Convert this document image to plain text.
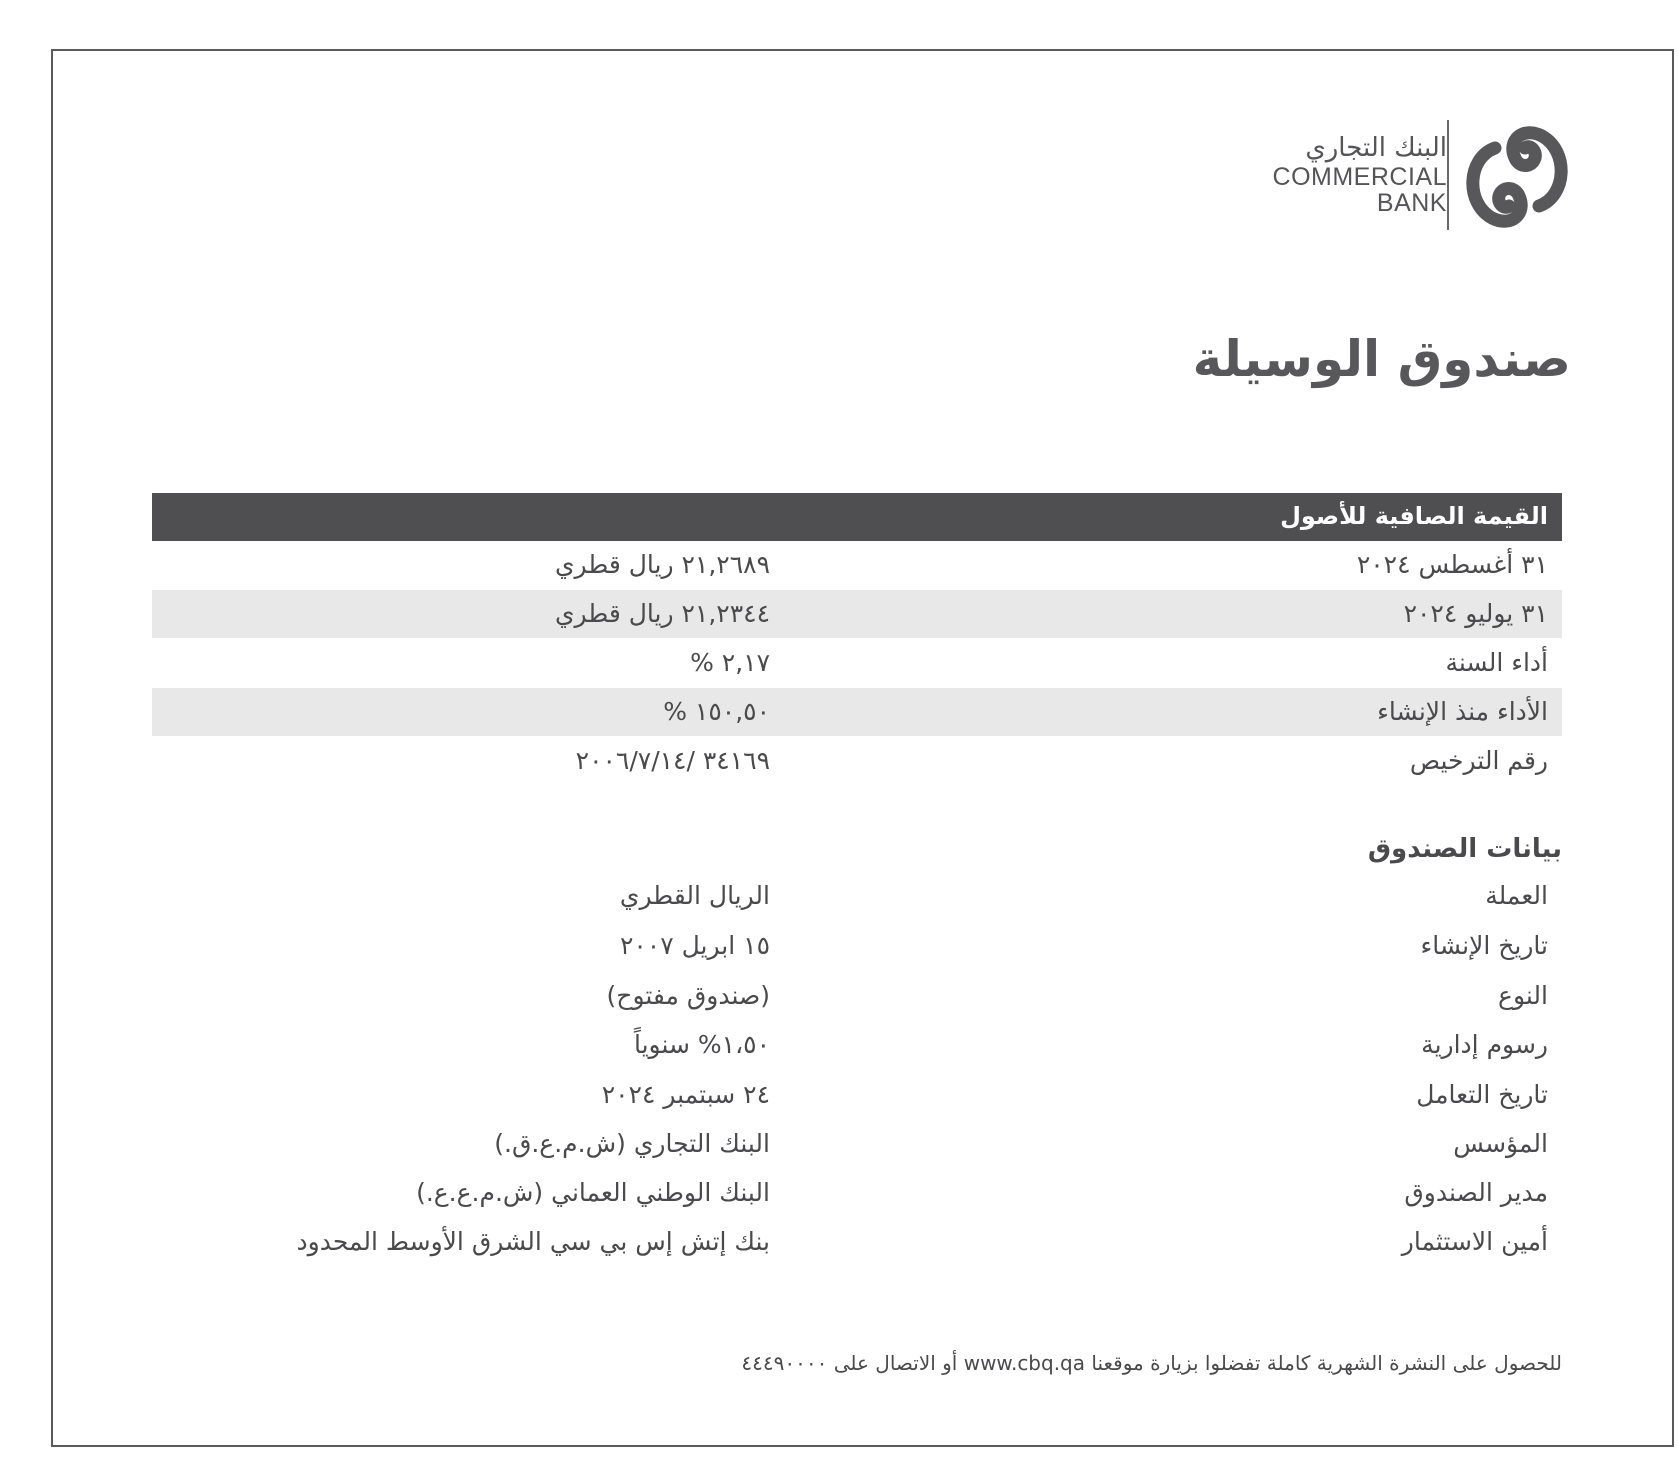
البنك التجاري
COMMERCIAL
BANK
صندوق الوسيلة
القيمة الصافية للأصول
٣١ أغسطس ٢٠٢٤
٢١,٢٦٨٩ ريال قطري
٣١ يوليو ٢٠٢٤
٢١,٢٣٤٤ ريال قطري
أداء السنة
٢,١٧ %
الأداء منذ الإنشاء
١٥٠,٥٠ %
رقم الترخيص
٣٤١٦٩ /٢٠٠٦/٧/١٤
بيانات الصندوق
العملة
الريال القطري
تاريخ الإنشاء
١٥ ابريل ٢٠٠٧
النوع
(صندوق مفتوح)
رسوم إدارية
١،٥٠% سنوياً
تاريخ التعامل
٢٤ سبتمبر ٢٠٢٤
المؤسس
البنك التجاري (ش.م.ع.ق.)
مدير الصندوق
البنك الوطني العماني (ش.م.ع.ع.)
أمين الاستثمار
بنك إتش إس بي سي الشرق الأوسط المحدود
للحصول على النشرة الشهرية كاملة تفضلوا بزيارة موقعنا www.cbq.qa أو الاتصال على ٤٤٤٩٠٠٠٠
